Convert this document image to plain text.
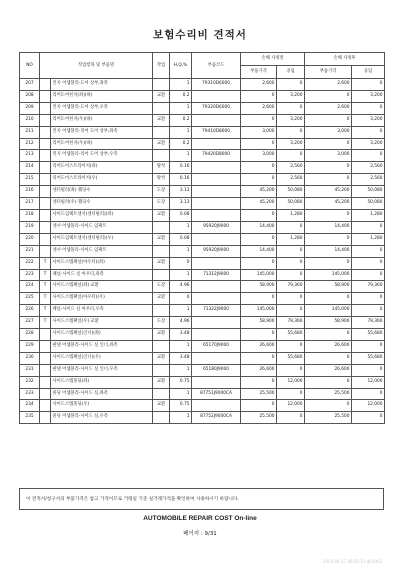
보험수리비 견적서
NO	작업항목 및 부품명		작업	H,Q,%	부품코드	손해 사정전		손해 사정후	
						부품가격	공임	부품가격	공임
207		린지 어셈블리-도어 상부,좌측		1	79310D6000	2,600	0	2,600	0
208		리어도어힌지(좌)(하)	교환	0.2		0	3,200	0	3,200
209		린지 어셈블리-도어 상부,우측		1	79320D6000	2,600	0	2,600	0
210		리어도어힌지(우)(하)	교환	0.2		0	3,200	0	3,200
211		린지 어셈블리-리어 도어 상부,좌측		1	79410D8000	3,000	0	3,000	0
212		리어도어힌지(우)(하)	교환	0.2		0	3,200	0	3,200
213		린지 어셈블리-리어 도어 상부,우측		1	79420D8000	3,000	0	3,000	0
214		리어도어스트라이커(좌)	탈착	0.16		0	2,560	0	2,560
215		리어도어스트라이커(우)	탈착	0.16		0	2,560	0	2,560
216		센터필러(좌) 웰딩수	도장	3.13		45,200	50,080	45,200	50,080
217		센터필러(우) 웰딩수	도장	3.13		45,200	50,080	45,200	50,080
218		사이드임팩트센서(센터필러)(좌)	교환	0.08		0	1,280	0	1,280
219		센서 어셈블리-사이드 임팩트		1	95920J9000	14,400	0	14,400	0
220		사이드임팩트센서(센터필러)(우)	교환	0.08		0	1,280	0	1,280
221		센서 어셈블리-사이드 임팩트		1	95920J9000	14,400	0	14,400	0
222	T	사이드스텝패널(아우터)(좌)	교환	0		0	0	0	0
223	T	패널-사이드 실 아우터,좌측		1	71312J9000	145,000	0	145,000	0
224	T	사이드스텝패널(좌) 교환	도장	4.96		58,900	79,360	58,900	79,360
225	T	사이드스텝패널(아우터)(우)	교환	0		0	0	0	0
226	T	패널-사이드 실 아우터,우측		1	71322J9000	145,000	0	145,000	0
227	T	사이드스텝패널(우) 교환	도장	4.96		58,900	79,360	58,900	79,360
228		사이드스텝패널(인너)(좌)	교환	3.48		0	55,680	0	55,680
229		판넬 어셈블리-사이드 실 인너,좌측		1	65170J9000	26,600	0	26,600	0
230		사이드스텝패널(인너)(우)	교환	3.48		0	55,680	0	55,680
231		판넬 어셈블리-사이드 실 인너,우측		1	65180J9000	26,600	0	26,600	0
232		사이드스텝몰딩(좌)	교환	0.75		0	12,000	0	12,000
233		몰딩 어셈블리-사이드 실,좌측		1	87751J9000CA	25,500	0	25,500	0
234		사이드스텝몰딩(우)	교환	0.75		0	12,000	0	12,000
235		몰딩 어셈블리-사이드 실,우측		1	87752J9000CA	25,500	0	25,500	0
이 견적서/청구서의 부품가격은 참고 가격이므로 거래일 기준 실거래가격을 확인하여 사용하시기 바랍니다.
AUTOMOBILE REPAIR COST On-line
페이지 : 9/31
2020-04-17 09:35:51 401062
